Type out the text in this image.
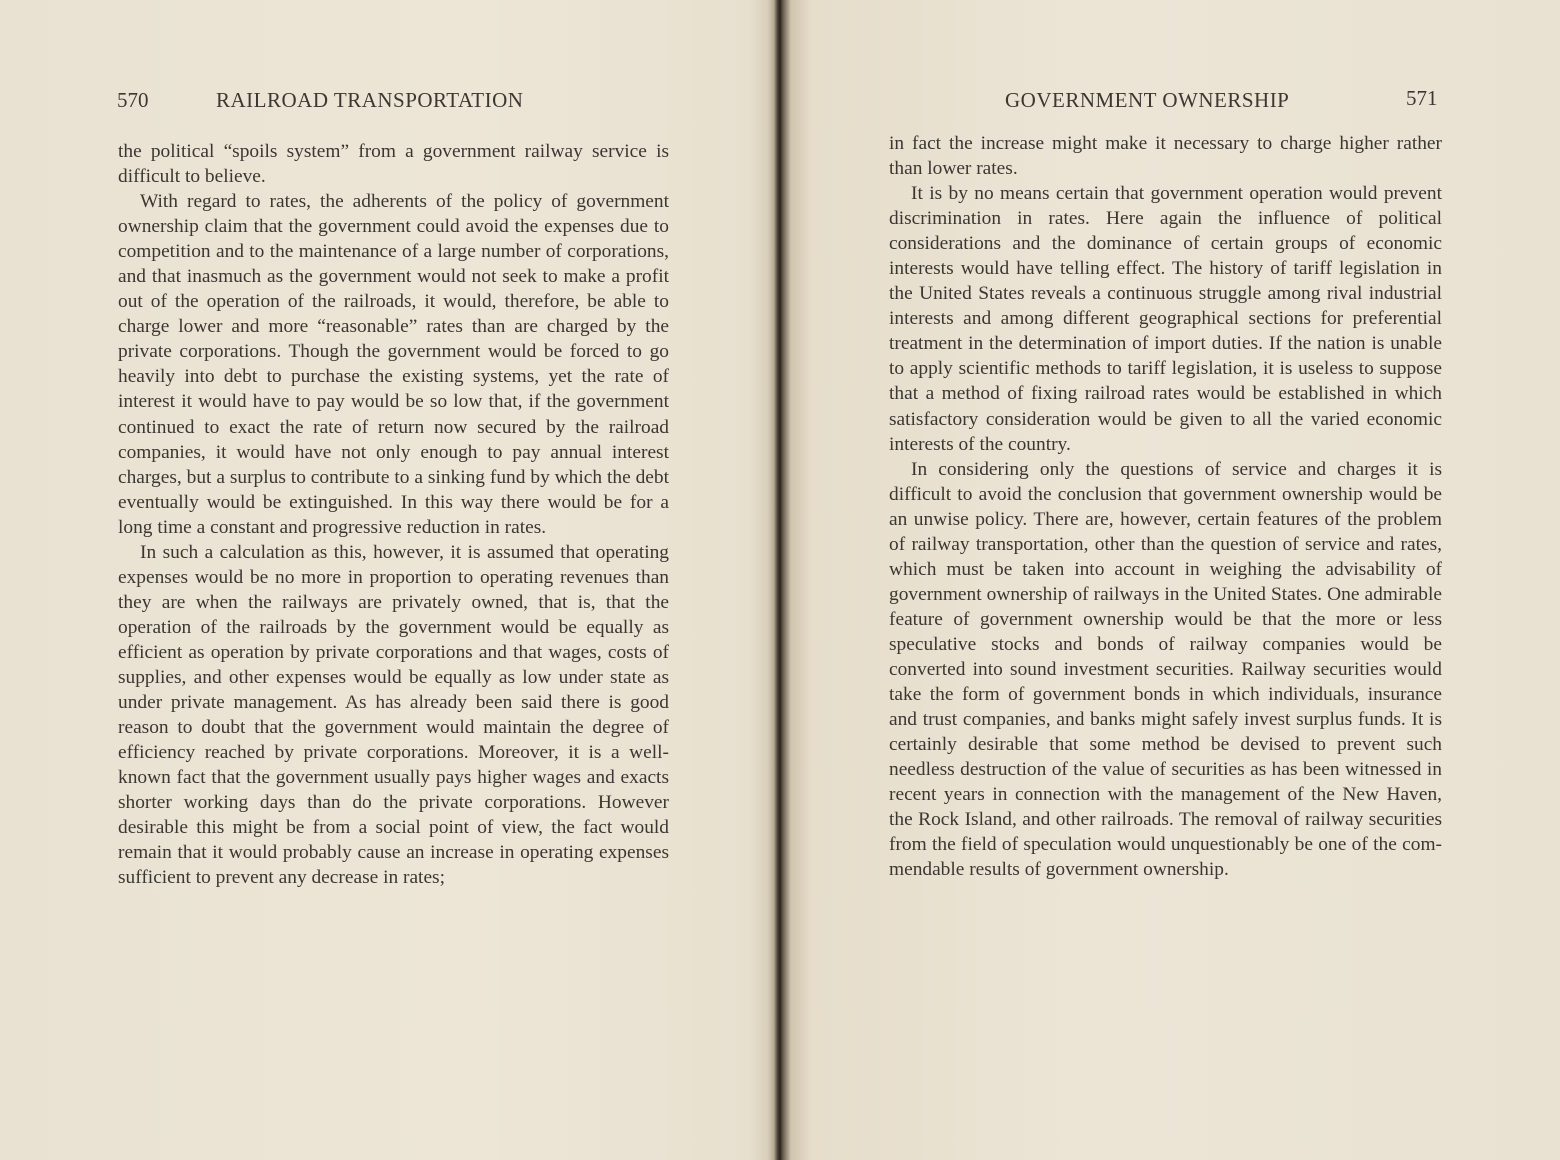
570	RAILROAD TRANSPORTATION

the political “spoils system” from a government railway service is difficult to believe.

With regard to rates, the adherents of the policy of government ownership claim that the government could avoid the expenses due to competition and to the maintenance of a large number of corporations, and that inasmuch as the government would not seek to make a profit out of the operation of the railroads, it would, therefore, be able to charge lower and more “reasonable” rates than are charged by the private corporations. Though the government would be forced to go heavily into debt to purchase the existing systems, yet the rate of interest it would have to pay would be so low that, if the government continued to exact the rate of return now secured by the railroad companies, it would have not only enough to pay annual interest charges, but a surplus to contribute to a sinking fund by which the debt eventually would be extinguished. In this way there would be for a long time a constant and progressive reduction in rates.

In such a calculation as this, however, it is assumed that operating expenses would be no more in proportion to operating revenues than they are when the railways are privately owned, that is, that the operation of the railroads by the government would be equally as efficient as operation by private corporations and that wages, costs of supplies, and other expenses would be equally as low under state as under private management. As has already been said there is good reason to doubt that the government would maintain the degree of efficiency reached by private corporations. Moreover, it is a well-known fact that the government usually pays higher wages and exacts shorter working days than do the private corporations. However desirable this might be from a social point of view, the fact would remain that it would probably cause an increase in operating expenses sufficient to prevent any decrease in rates;

GOVERNMENT OWNERSHIP	571

in fact the increase might make it necessary to charge higher rather than lower rates.

It is by no means certain that government operation would prevent discrimination in rates. Here again the influence of political considerations and the dominance of certain groups of economic interests would have telling effect. The history of tariff legislation in the United States reveals a continuous struggle among rival industrial interests and among different geographical sections for preferential treatment in the determination of import duties. If the nation is unable to apply scientific methods to tariff legislation, it is useless to suppose that a method of fixing railroad rates would be established in which satisfactory consideration would be given to all the varied economic interests of the country.

In considering only the questions of service and charges it is difficult to avoid the conclusion that government ownership would be an unwise policy. There are, however, certain features of the problem of railway transportation, other than the question of service and rates, which must be taken into account in weighing the advisability of government ownership of railways in the United States. One admirable feature of government ownership would be that the more or less speculative stocks and bonds of railway companies would be converted into sound investment securities. Railway securities would take the form of government bonds in which individuals, insurance and trust companies, and banks might safely invest surplus funds. It is certainly desirable that some method be devised to prevent such needless destruction of the value of securities as has been witnessed in recent years in connection with the management of the New Haven, the Rock Island, and other railroads. The removal of railway securities from the field of speculation would unquestionably be one of the commendable results of government ownership.
